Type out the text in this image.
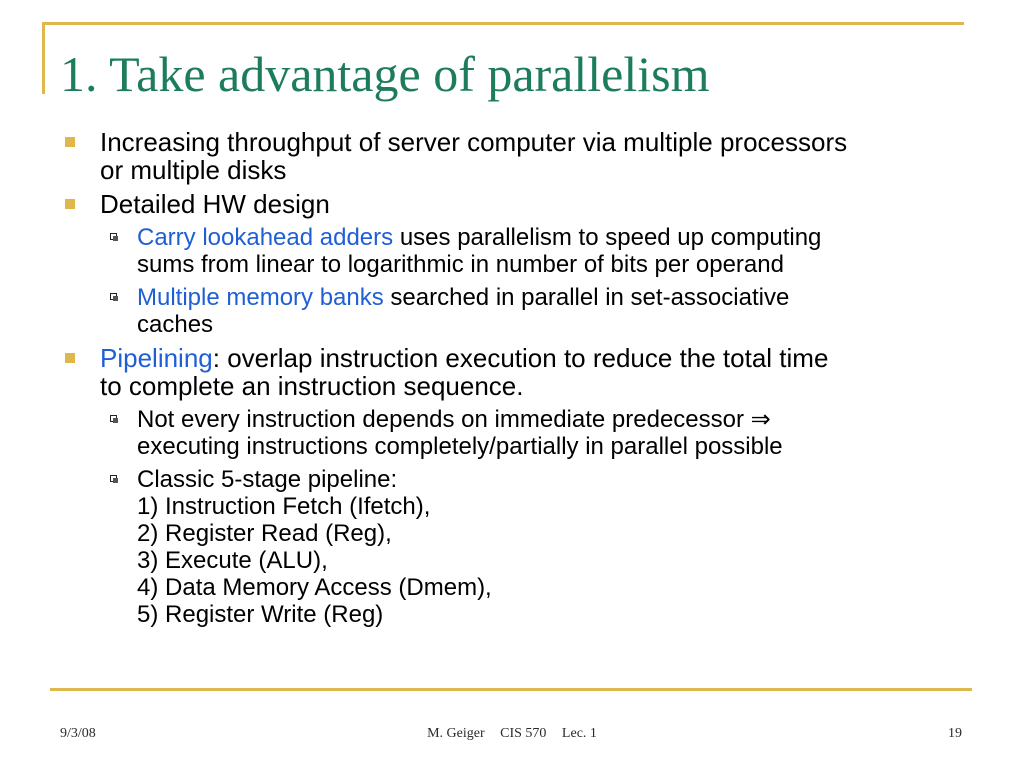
1. Take advantage of parallelism
Increasing throughput of server computer via multiple processors
or multiple disks
Detailed HW design
Carry lookahead adders uses parallelism to speed up computing
sums from linear to logarithmic in number of bits per operand
Multiple memory banks searched in parallel in set-associative
caches
Pipelining: overlap instruction execution to reduce the total time
to complete an instruction sequence.
Not every instruction depends on immediate predecessor ⇒
executing instructions completely/partially in parallel possible
Classic 5-stage pipeline:
1) Instruction Fetch (Ifetch),
2) Register Read (Reg),
3) Execute (ALU),
4) Data Memory Access (Dmem),
5) Register Write (Reg)
9/3/08	M. Geiger CIS 570 Lec. 1	19
